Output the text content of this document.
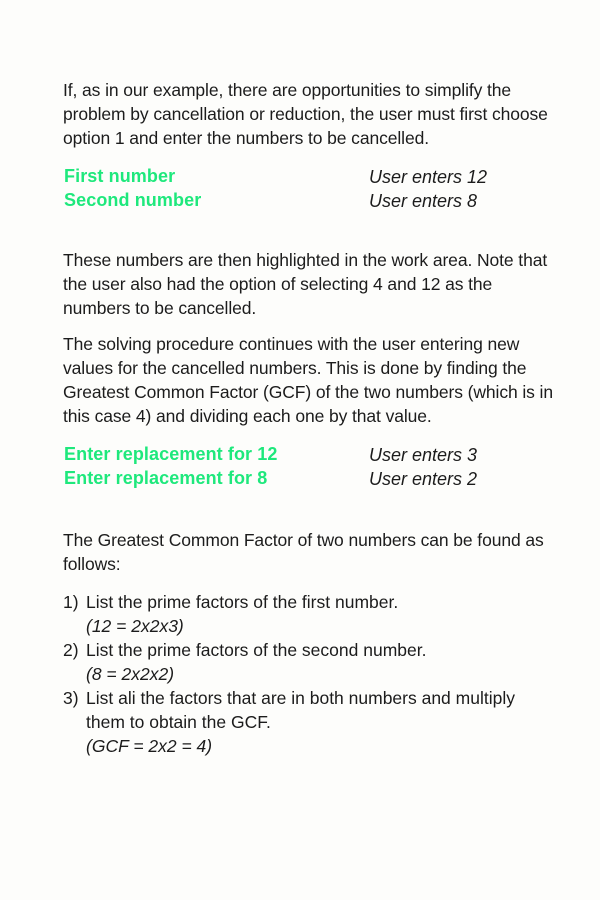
If, as in our example, there are opportunities to simplify the problem by cancellation or reduction, the user must first choose option 1 and enter the numbers to be cancelled.

First number	User enters 12
Second number	User enters 8

These numbers are then highlighted in the work area. Note that the user also had the option of selecting 4 and 12 as the numbers to be cancelled.

The solving procedure continues with the user entering new values for the cancelled numbers. This is done by finding the Greatest Common Factor (GCF) of the two numbers (which is in this case 4) and dividing each one by that value.

Enter replacement for 12	User enters 3
Enter replacement for 8	User enters 2

The Greatest Common Factor of two numbers can be found as follows:

1) List the prime factors of the first number.
(12 = 2x2x3)
2) List the prime factors of the second number.
(8 = 2x2x2)
3) List ali the factors that are in both numbers and multiply them to obtain the GCF.
(GCF = 2x2 = 4)
